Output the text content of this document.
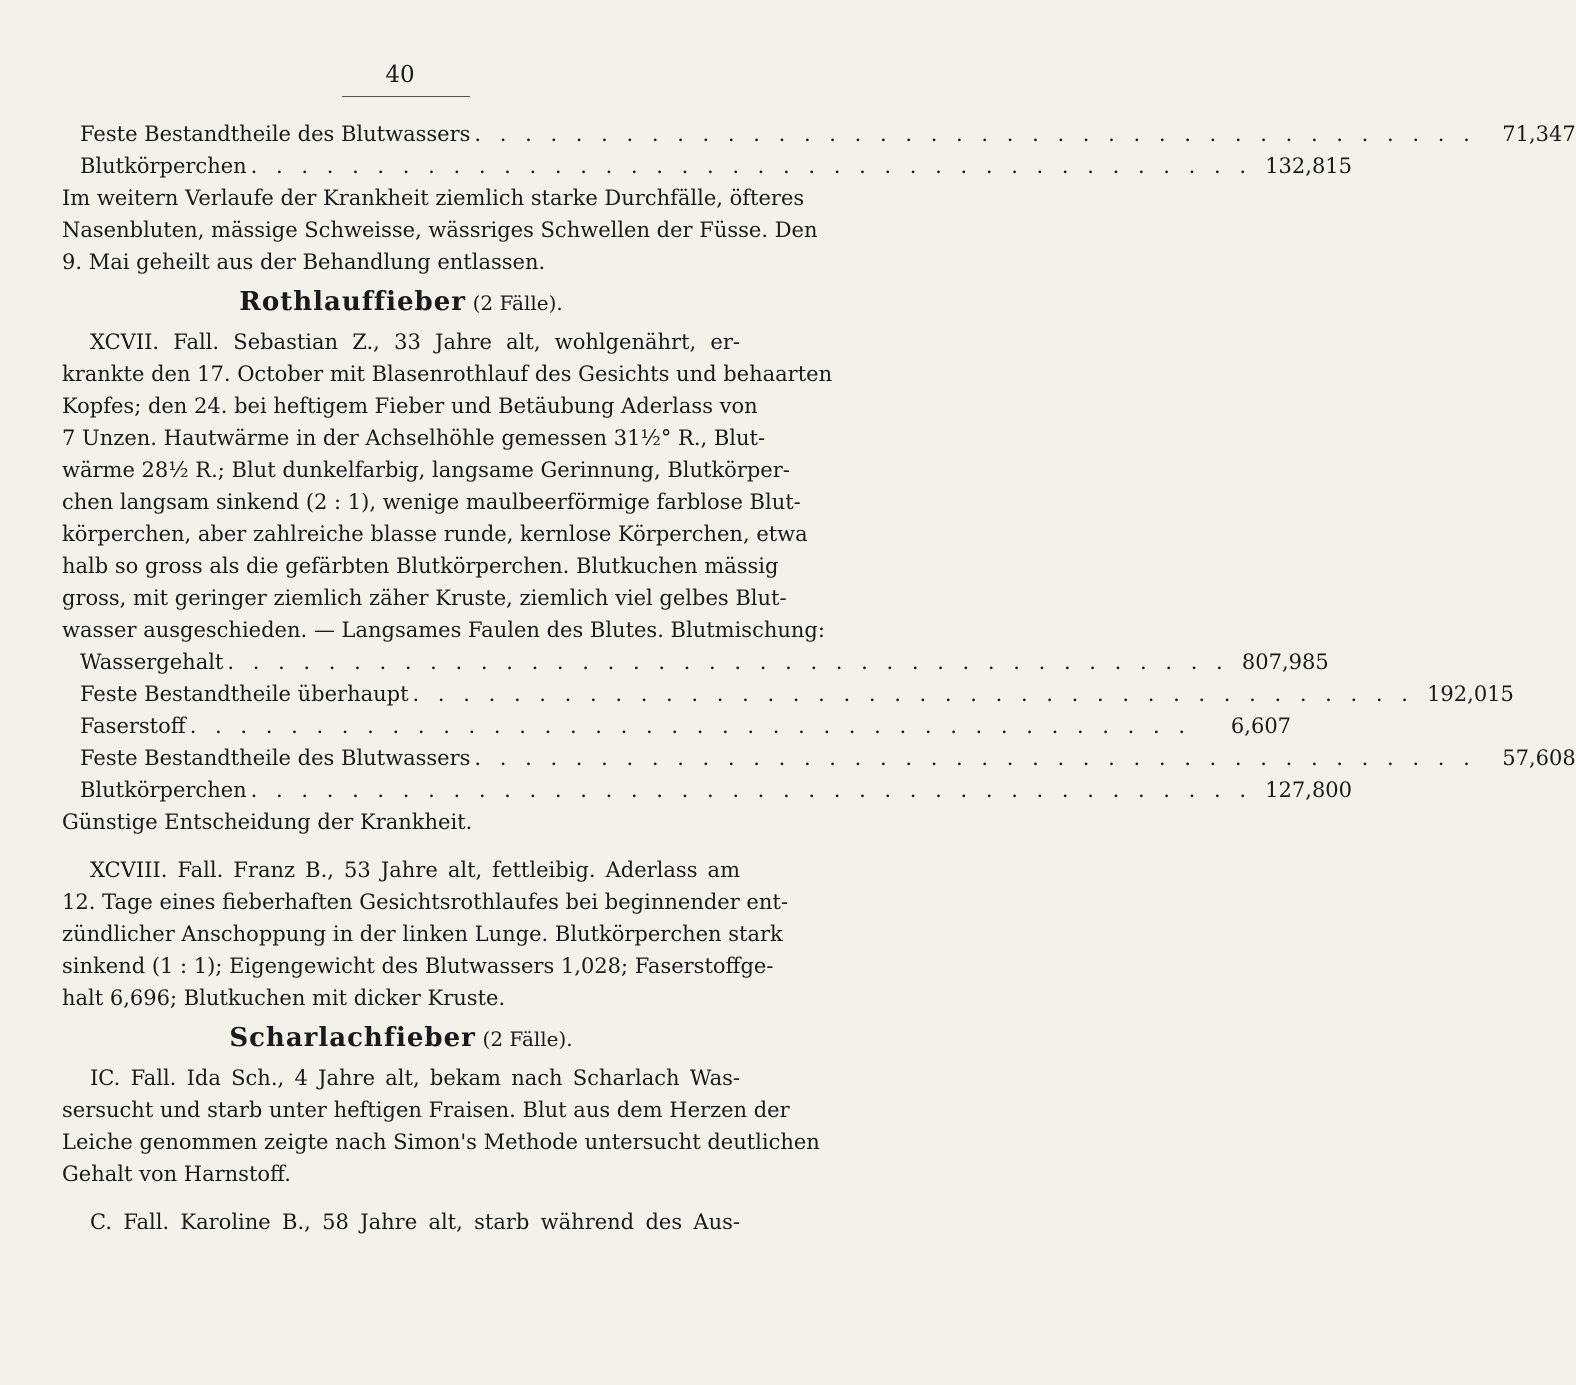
40
Feste Bestandtheile des Blutwassers . . . . . . . . . . . . . . . . . . . . . . . . . . . . . . . . . . . . . . . .	71,347
Blutkörperchen . . . . . . . . . . . . . . . . . . . . . . . . . . . . . . . . . . . . . . . . 132,815
Im weitern Verlaufe der Krankheit ziemlich starke Durchfälle, öfteres
Nasenbluten, mässige Schweisse, wässriges Schwellen der Füsse. Den
9. Mai geheilt aus der Behandlung entlassen.
Rothlauffieber (2 Fälle).
XCVII. Fall. Sebastian Z., 33 Jahre alt, wohlgenährt, er-
krankte den 17. October mit Blasenrothlauf des Gesichts und behaarten
Kopfes; den 24. bei heftigem Fieber und Betäubung Aderlass von
7 Unzen. Hautwärme in der Achselhöhle gemessen 31½° R., Blut-
wärme 28½ R.; Blut dunkelfarbig, langsame Gerinnung, Blutkörper-
chen langsam sinkend (2 : 1), wenige maulbeerförmige farblose Blut-
körperchen, aber zahlreiche blasse runde, kernlose Körperchen, etwa
halb so gross als die gefärbten Blutkörperchen. Blutkuchen mässig
gross, mit geringer ziemlich zäher Kruste, ziemlich viel gelbes Blut-
wasser ausgeschieden. — Langsames Faulen des Blutes. Blutmischung:
Wassergehalt . . . . . . . . . . . . . . . . . . . . . . . . . . . . . . . . . . . . . . . . 807,985
Feste Bestandtheile überhaupt . . . . . . . . . . . . . . . . . . . . . . . . . . . . . . . . . . . . . . . . 192,015
Faserstoff . . . . . . . . . . . . . . . . . . . . . . . . . . . . . . . . . . . . . . . .	6,607
Feste Bestandtheile des Blutwassers . . . . . . . . . . . . . . . . . . . . . . . . . . . . . . . . . . . . . . . .	57,608
Blutkörperchen . . . . . . . . . . . . . . . . . . . . . . . . . . . . . . . . . . . . . . . . 127,800
Günstige Entscheidung der Krankheit.
XCVIII. Fall. Franz B., 53 Jahre alt, fettleibig. Aderlass am
12. Tage eines fieberhaften Gesichtsrothlaufes bei beginnender ent-
zündlicher Anschoppung in der linken Lunge. Blutkörperchen stark
sinkend (1 : 1); Eigengewicht des Blutwassers 1,028; Faserstoffge-
halt 6,696; Blutkuchen mit dicker Kruste.
Scharlachfieber (2 Fälle).
IC. Fall. Ida Sch., 4 Jahre alt, bekam nach Scharlach Was-
sersucht und starb unter heftigen Fraisen. Blut aus dem Herzen der
Leiche genommen zeigte nach Simon's Methode untersucht deutlichen
Gehalt von Harnstoff.
C. Fall. Karoline B., 58 Jahre alt, starb während des Aus-
